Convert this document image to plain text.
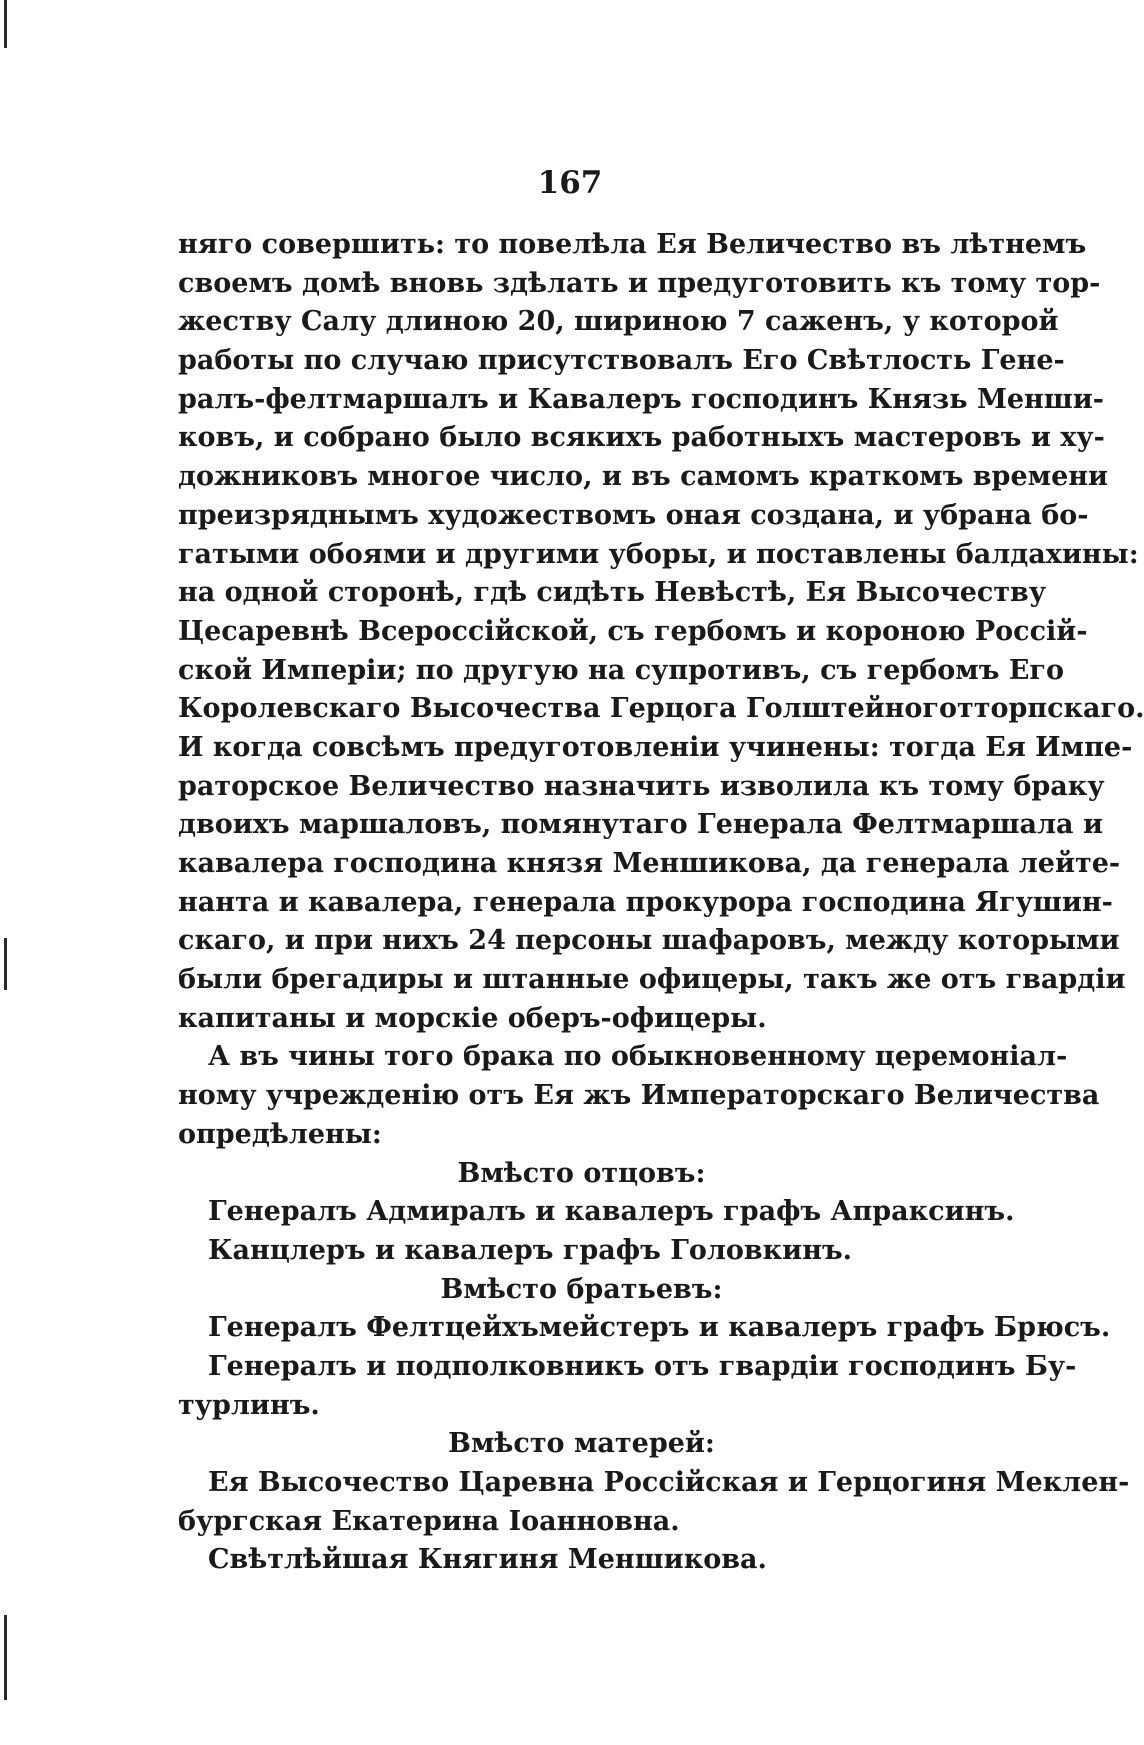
167
няго совершить: то повелѣла Ея Величество въ лѣтнемъ
своемъ домѣ вновь здѣлать и предуготовить къ тому тор-
жеству Салу длиною 20, шириною 7 саженъ, у которой
работы по случаю присутствовалъ Его Свѣтлость Гене-
ралъ-фелтмаршалъ и Кавалеръ господинъ Князь Менши-
ковъ, и собрано было всякихъ работныхъ мастеровъ и ху-
дожниковъ многое число, и въ самомъ краткомъ времени
преизряднымъ художествомъ оная создана, и убрана бо-
гатыми обоями и другими уборы, и поставлены балдахины:
на одной сторонѣ, гдѣ сидѣть Невѣстѣ, Ея Высочеству
Цесаревнѣ Всероссійской, съ гербомъ и короною Россій-
ской Имперіи; по другую на супротивъ, съ гербомъ Его
Королевскаго Высочества Герцога Голштейноготторпскаго.
И когда совсѣмъ предуготовленіи учинены: тогда Ея Импе-
раторское Величество назначить изволила къ тому браку
двоихъ маршаловъ, помянутаго Генерала Фелтмаршала и
кавалера господина князя Меншикова, да генерала лейте-
нанта и кавалера, генерала прокурора господина Ягушин-
скаго, и при нихъ 24 персоны шафаровъ, между которыми
были брегадиры и штанные офицеры, такъ же отъ гвардіи
капитаны и морскіе оберъ-офицеры.
А въ чины того брака по обыкновенному церемоніал-
ному учрежденію отъ Ея жъ Императорскаго Величества
опредѣлены:
Вмѣсто отцовъ:
Генералъ Адмиралъ и кавалеръ графъ Апраксинъ.
Канцлеръ и кавалеръ графъ Головкинъ.
Вмѣсто братьевъ:
Генералъ Фелтцейхъмейстеръ и кавалеръ графъ Брюсъ.
Генералъ и подполковникъ отъ гвардіи господинъ Бу-
турлинъ.
Вмѣсто матерей:
Ея Высочество Царевна Россійская и Герцогиня Меклен-
бургская Екатерина Іоанновна.
Свѣтлѣйшая Княгиня Меншикова.
